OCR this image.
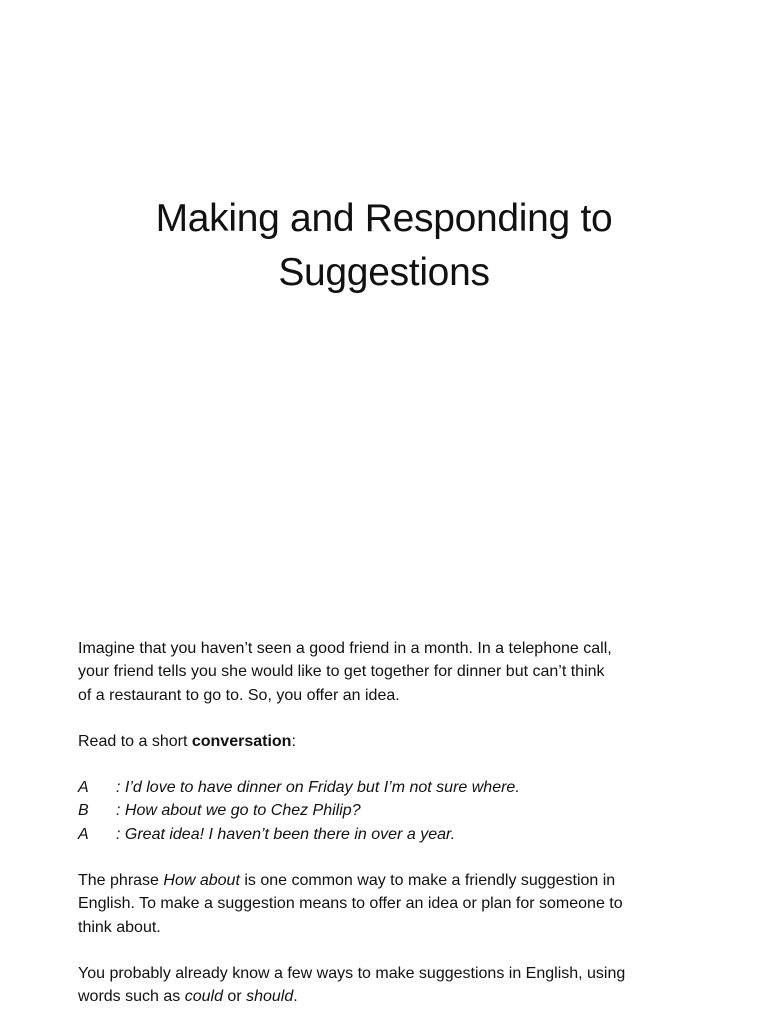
Making and Responding to
Suggestions

Imagine that you haven’t seen a good friend in a month. In a telephone call,
your friend tells you she would like to get together for dinner but can’t think
of a restaurant to go to. So, you offer an idea.

Read to a short conversation:

A	: I’d love to have dinner on Friday but I’m not sure where.
B	: How about we go to Chez Philip?
A	: Great idea! I haven’t been there in over a year.

The phrase How about is one common way to make a friendly suggestion in
English. To make a suggestion means to offer an idea or plan for someone to
think about.

You probably already know a few ways to make suggestions in English, using
words such as could or should.
